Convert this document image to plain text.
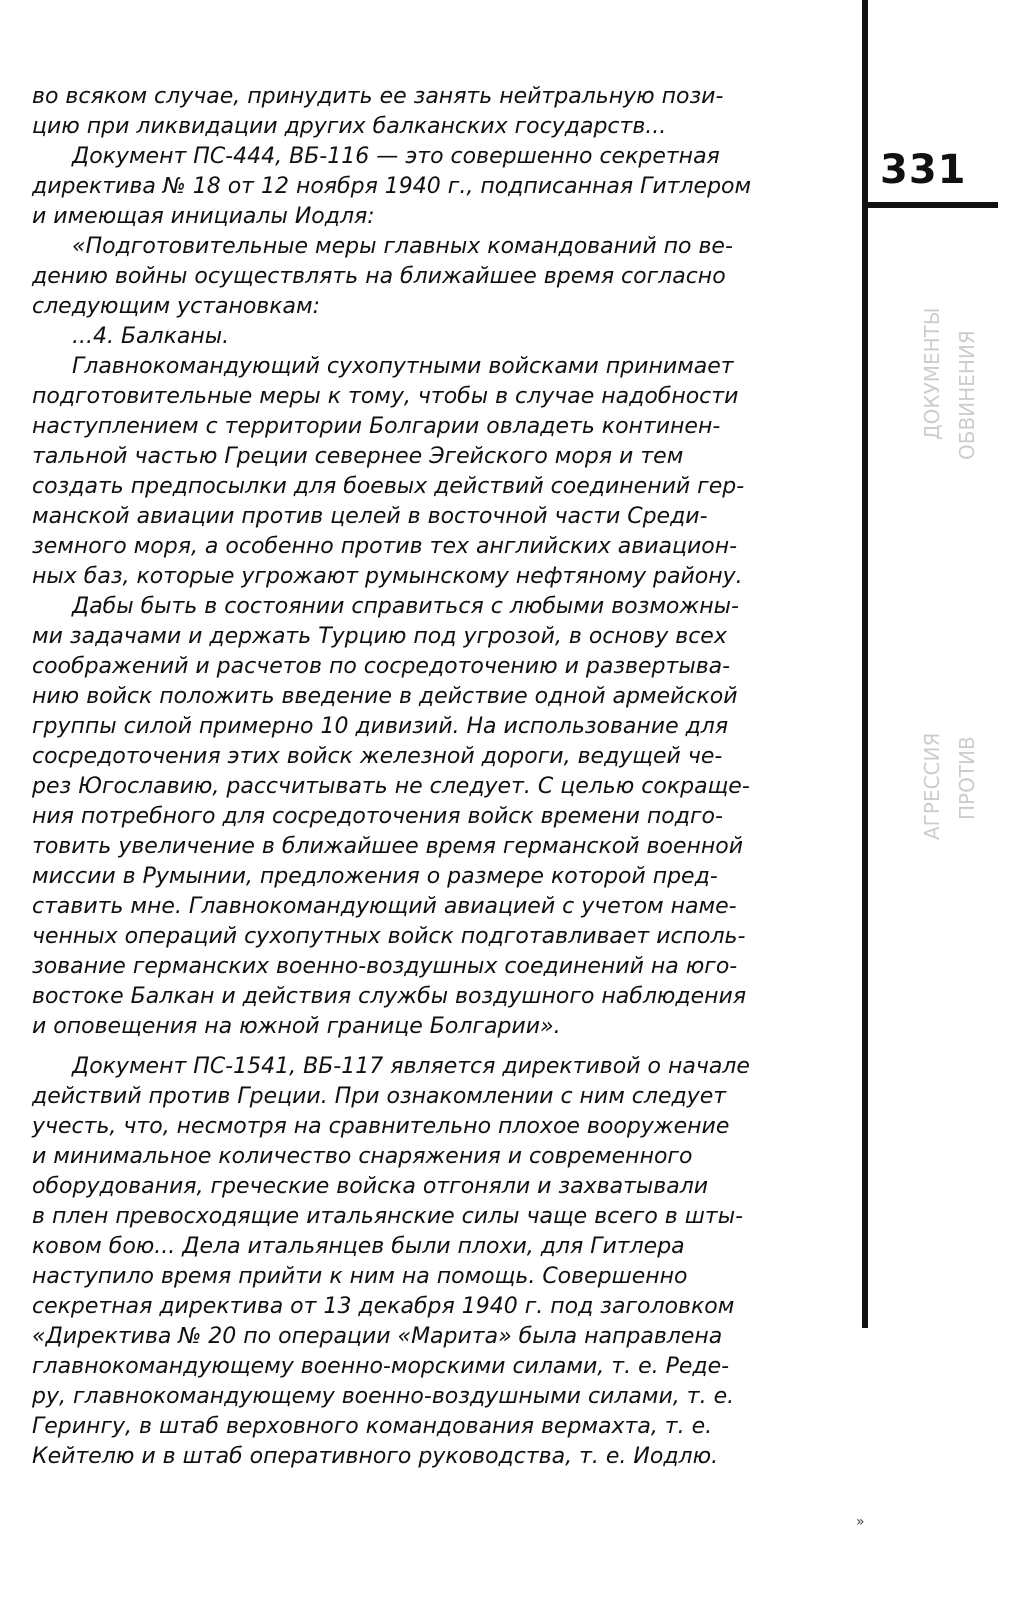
331
ДОКУМЕНТЫ ОБВИНЕНИЯ
АГРЕССИЯ ПРОТИВ
»
во всяком случае, принудить ее занять нейтральную пози-
цию при ликвидации других балканских государств...
Документ ПС-444, ВБ-116 — это совершенно секретная
директива № 18 от 12 ноября 1940 г., подписанная Гитлером
и имеющая инициалы Иодля:
«Подготовительные меры главных командований по ве-
дению войны осуществлять на ближайшее время согласно
следующим установкам:
...4. Балканы.
Главнокомандующий сухопутными войсками принимает
подготовительные меры к тому, чтобы в случае надобности
наступлением с территории Болгарии овладеть континен-
тальной частью Греции севернее Эгейского моря и тем
создать предпосылки для боевых действий соединений гер-
манской авиации против целей в восточной части Среди-
земного моря, а особенно против тех английских авиацион-
ных баз, которые угрожают румынскому нефтяному району.
Дабы быть в состоянии справиться с любыми возможны-
ми задачами и держать Турцию под угрозой, в основу всех
соображений и расчетов по сосредоточению и развертыва-
нию войск положить введение в действие одной армейской
группы силой примерно 10 дивизий. На использование для
сосредоточения этих войск железной дороги, ведущей че-
рез Югославию, рассчитывать не следует. С целью сокраще-
ния потребного для сосредоточения войск времени подго-
товить увеличение в ближайшее время германской военной
миссии в Румынии, предложения о размере которой пред-
ставить мне. Главнокомандующий авиацией с учетом наме-
ченных операций сухопутных войск подготавливает исполь-
зование германских военно-воздушных соединений на юго-
востоке Балкан и действия службы воздушного наблюдения
и оповещения на южной границе Болгарии».
Документ ПС-1541, ВБ-117 является директивой о начале
действий против Греции. При ознакомлении с ним следует
учесть, что, несмотря на сравнительно плохое вооружение
и минимальное количество снаряжения и современного
оборудования, греческие войска отгоняли и захватывали
в плен превосходящие итальянские силы чаще всего в шты-
ковом бою... Дела итальянцев были плохи, для Гитлера
наступило время прийти к ним на помощь. Совершенно
секретная директива от 13 декабря 1940 г. под заголовком
«Директива № 20 по операции «Марита» была направлена
главнокомандующему военно-морскими силами, т. е. Редe-
ру, главнокомандующему военно-воздушными силами, т. е.
Герингу, в штаб верховного командования вермахта, т. е.
Кейтелю и в штаб оперативного руководства, т. е. Иодлю.
